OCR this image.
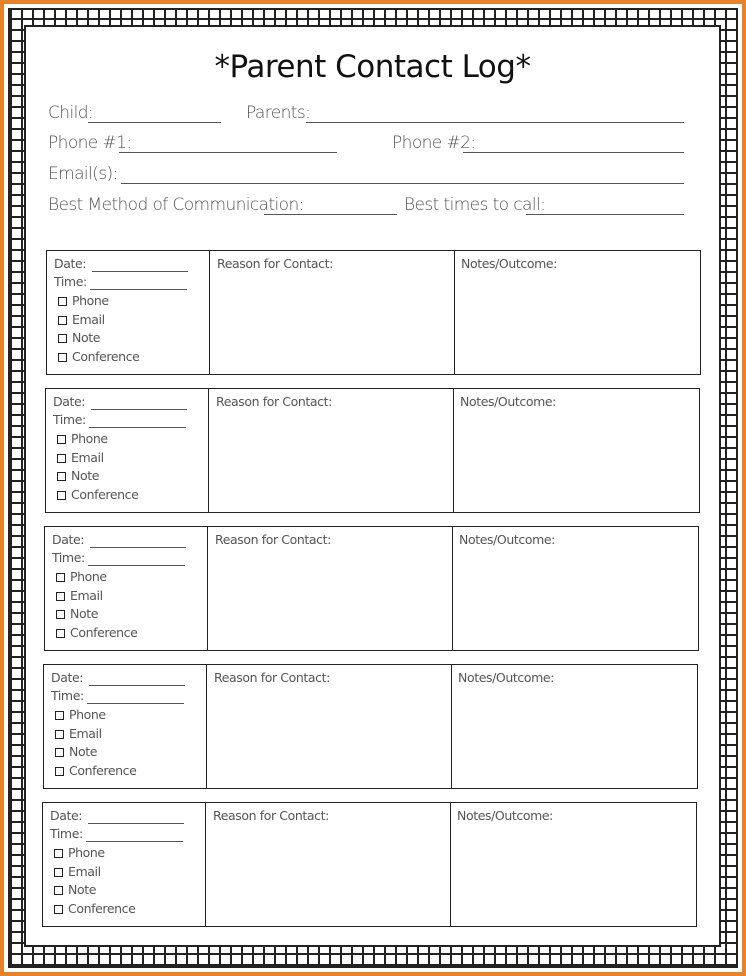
*Parent Contact Log*
Child:	Parents:
Phone #1:	Phone #2:
Email(s):
Best Method of Communication:	Best times to call:
Date:
Time:
Phone
Email
Note
Conference
Reason for Contact:	Notes/Outcome:
Date:
Time:
Phone
Email
Note
Conference
Reason for Contact:	Notes/Outcome:
Date:
Time:
Phone
Email
Note
Conference
Reason for Contact:	Notes/Outcome:
Date:
Time:
Phone
Email
Note
Conference
Reason for Contact:	Notes/Outcome:
Date:
Time:
Phone
Email
Note
Conference
Reason for Contact:	Notes/Outcome:
